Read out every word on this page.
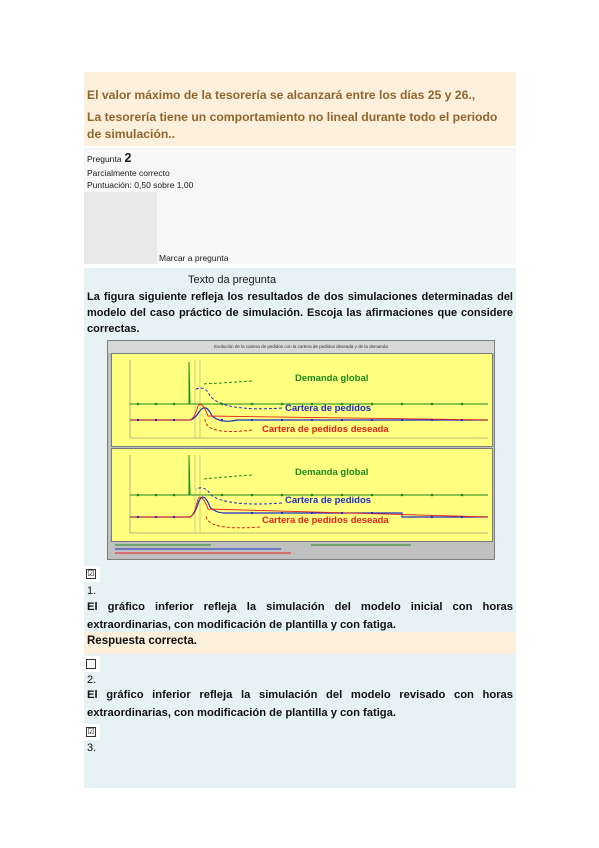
El valor máximo de la tesorería se alcanzará entre los días 25 y 26.,
La tesorería tiene un comportamiento no lineal durante todo el periodo de simulación..
Pregunta 2
Parcialmente correcto
Puntuación: 0,50 sobre 1,00
Marcar a pregunta
Texto da pregunta
La figura siguiente refleja los resultados de dos simulaciones determinadas del modelo del caso práctico de simulación. Escoja las afirmaciones que considere correctas.
Evolución de la cartera de pedidos con la cartera de pedidos deseada y de la demanda
Demanda global
Cartera de pedidos
Cartera de pedidos deseada
Demanda global
Cartera de pedidos
Cartera de pedidos deseada
☑
1.
El gráfico inferior refleja la simulación del modelo inicial con horas extraordinarias, con modificación de plantilla y con fatiga.
Respuesta correcta.
2.
El gráfico inferior refleja la simulación del modelo revisado con horas extraordinarias, con modificación de plantilla y con fatiga.
☑
3.
